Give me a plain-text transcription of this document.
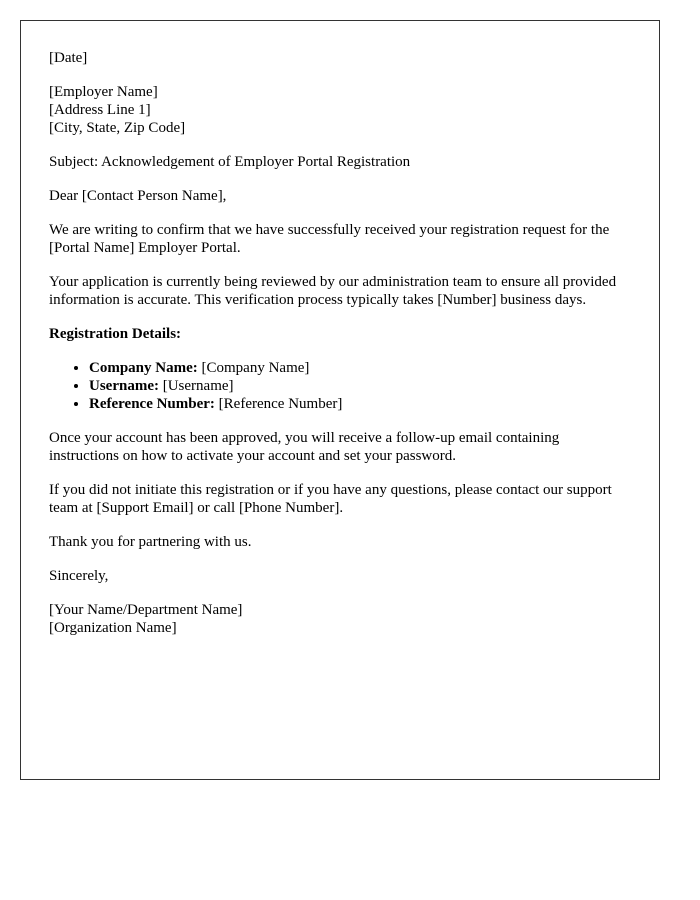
[Date]

[Employer Name]
[Address Line 1]
[City, State, Zip Code]

Subject: Acknowledgement of Employer Portal Registration

Dear [Contact Person Name],

We are writing to confirm that we have successfully received your registration request for the [Portal Name] Employer Portal.

Your application is currently being reviewed by our administration team to ensure all provided information is accurate. This verification process typically takes [Number] business days.

Registration Details:

• Company Name: [Company Name]
• Username: [Username]
• Reference Number: [Reference Number]

Once your account has been approved, you will receive a follow-up email containing instructions on how to activate your account and set your password.

If you did not initiate this registration or if you have any questions, please contact our support team at [Support Email] or call [Phone Number].

Thank you for partnering with us.

Sincerely,

[Your Name/Department Name]
[Organization Name]
